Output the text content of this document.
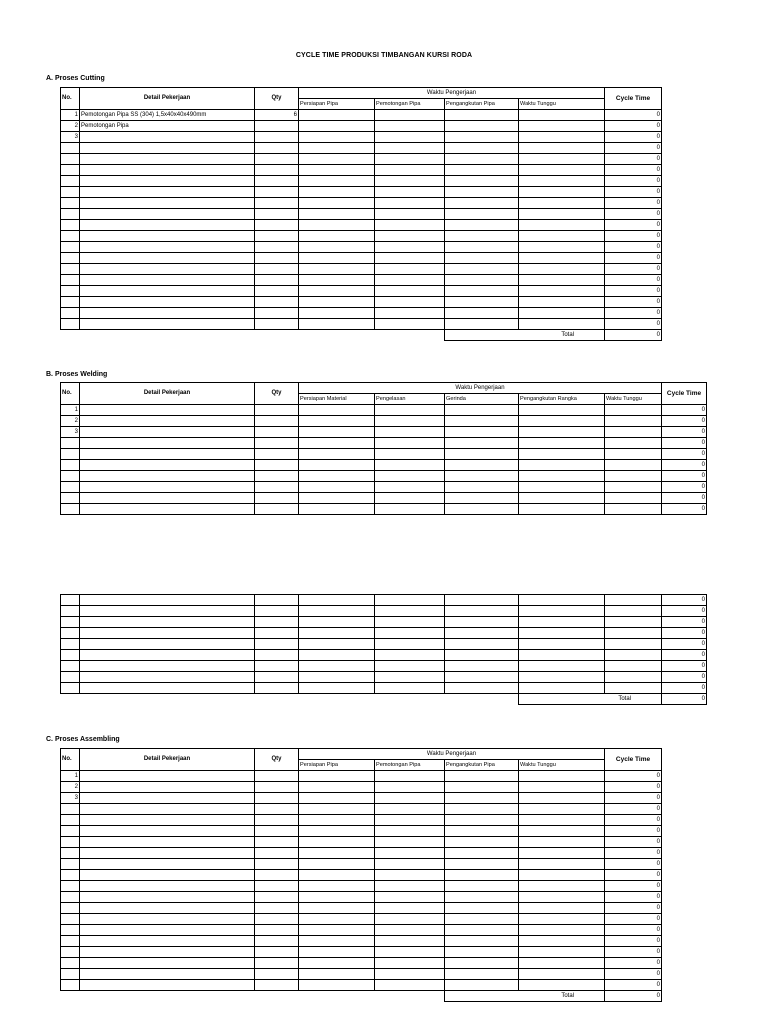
CYCLE TIME PRODUKSI TIMBANGAN KURSI RODA
A. Proses Cutting
No.	Detail Pekerjaan	Qty	Waktu Pengerjaan				Cycle Time
			Persiapan Pipa	Pemotongan Pipa	Pengangkutan Pipa	Waktu Tunggu	
1	Pemotongan Pipa SS (304) 1,5x40x40x490mm	6					0
2	Pemotongan Pipa						0
3							0
							0
							0
							0
							0
							0
							0
							0
							0
							0
							0
							0
							0
							0
							0
							0
							0
							0
					Total		0
B. Proses Welding
No.	Detail Pekerjaan	Qty	Waktu Pengerjaan					Cycle Time
			Persiapan Material	Pengelasan	Gerinda	Pengangkutan Rangka	Waktu Tunggu	
1								0
2								0
3								0
								0
								0
								0
								0
								0
								0
								0
								0
								0
								0
								0
								0
								0
								0
								0
								0
						Total		0
C. Proses Assembling
No.	Detail Pekerjaan	Qty	Waktu Pengerjaan				Cycle Time
			Persiapan Pipa	Pemotongan Pipa	Pengangkutan Pipa	Waktu Tunggu	
1							0
2							0
3							0
							0
							0
							0
							0
							0
							0
							0
							0
							0
							0
							0
							0
							0
							0
							0
							0
							0
					Total		0
